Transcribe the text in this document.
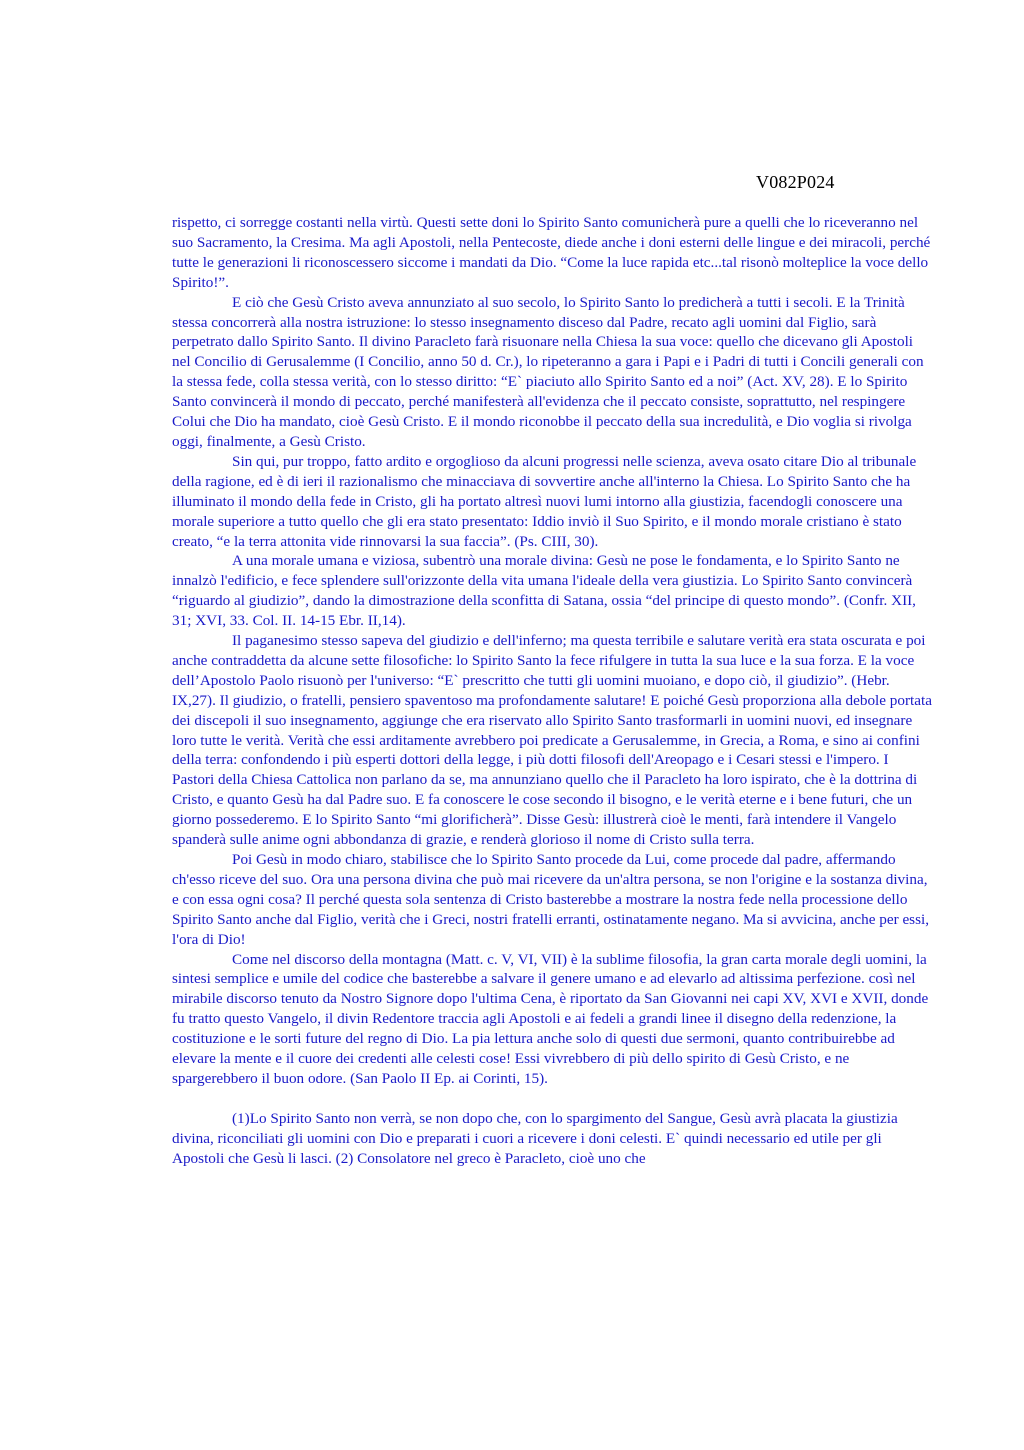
V082P024

rispetto, ci sorregge costanti nella virtù. Questi sette doni lo Spirito Santo comunicherà pure a quelli che lo riceveranno nel suo Sacramento, la Cresima. Ma agli Apostoli, nella Pentecoste, diede anche i doni esterni delle lingue e dei miracoli, perché tutte le generazioni li riconoscessero siccome i mandati da Dio. “Come la luce rapida etc...tal risonò molteplice la voce dello Spirito!”.

E ciò che Gesù Cristo aveva annunziato al suo secolo, lo Spirito Santo lo predicherà a tutti i secoli. E la Trinità stessa concorrerà alla nostra istruzione: lo stesso insegnamento disceso dal Padre, recato agli uomini dal Figlio, sarà perpetrato dallo Spirito Santo. Il divino Paracleto farà risuonare nella Chiesa la sua voce: quello che dicevano gli Apostoli nel Concilio di Gerusalemme (I Concilio, anno 50 d. Cr.), lo ripeteranno a gara i Papi e i Padri di tutti i Concili generali con la stessa fede, colla stessa verità, con lo stesso diritto: “E` piaciuto allo Spirito Santo ed a noi” (Act. XV, 28). E lo Spirito Santo convincerà il mondo di peccato, perché manifesterà all'evidenza che il peccato consiste, soprattutto, nel respingere Colui che Dio ha mandato, cioè Gesù Cristo. E il mondo riconobbe il peccato della sua incredulità, e Dio voglia si rivolga oggi, finalmente, a Gesù Cristo.

Sin qui, pur troppo, fatto ardito e orgoglioso da alcuni progressi nelle scienza, aveva osato citare Dio al tribunale della ragione, ed è di ieri il razionalismo che minacciava di sovvertire anche all'interno la Chiesa. Lo Spirito Santo che ha illuminato il mondo della fede in Cristo, gli ha portato altresì nuovi lumi intorno alla giustizia, facendogli conoscere una morale superiore a tutto quello che gli era stato presentato: Iddio inviò il Suo Spirito, e il mondo morale cristiano è stato creato, “e la terra attonita vide rinnovarsi la sua faccia”. (Ps. CIII, 30).

A una morale umana e viziosa, subentrò una morale divina: Gesù ne pose le fondamenta, e lo Spirito Santo ne innalzò l'edificio, e fece splendere sull'orizzonte della vita umana l'ideale della vera giustizia. Lo Spirito Santo convincerà “riguardo al giudizio”, dando la dimostrazione della sconfitta di Satana, ossia “del principe di questo mondo”. (Confr. XII, 31; XVI, 33. Col. II. 14-15 Ebr. II,14).

Il paganesimo stesso sapeva del giudizio e dell'inferno; ma questa terribile e salutare verità era stata oscurata e poi anche contraddetta da alcune sette filosofiche: lo Spirito Santo la fece rifulgere in tutta la sua luce e la sua forza. E la voce dell’Apostolo Paolo risuonò per l'universo: “E` prescritto che tutti gli uomini muoiano, e dopo ciò, il giudizio”. (Hebr. IX,27). Il giudizio, o fratelli, pensiero spaventoso ma profondamente salutare! E poiché Gesù proporziona alla debole portata dei discepoli il suo insegnamento, aggiunge che era riservato allo Spirito Santo trasformarli in uomini nuovi, ed insegnare loro tutte le verità. Verità che essi arditamente avrebbero poi predicate a Gerusalemme, in Grecia, a Roma, e sino ai confini della terra: confondendo i più esperti dottori della legge, i più dotti filosofi dell'Areopago e i Cesari stessi e l'impero. I Pastori della Chiesa Cattolica non parlano da se, ma annunziano quello che il Paracleto ha loro ispirato, che è la dottrina di Cristo, e quanto Gesù ha dal Padre suo. E fa conoscere le cose secondo il bisogno, e le verità eterne e i bene futuri, che un giorno possederemo. E lo Spirito Santo “mi glorificherà”. Disse Gesù: illustrerà cioè le menti, farà intendere il Vangelo spanderà sulle anime ogni abbondanza di grazie, e renderà glorioso il nome di Cristo sulla terra.

Poi Gesù in modo chiaro, stabilisce che lo Spirito Santo procede da Lui, come procede dal padre, affermando ch'esso riceve del suo. Ora una persona divina che può mai ricevere da un'altra persona, se non l'origine e la sostanza divina, e con essa ogni cosa? Il perché questa sola sentenza di Cristo basterebbe a mostrare la nostra fede nella processione dello Spirito Santo anche dal Figlio, verità che i Greci, nostri fratelli erranti, ostinatamente negano. Ma si avvicina, anche per essi, l'ora di Dio!

Come nel discorso della montagna (Matt. c. V, VI, VII) è la sublime filosofia, la gran carta morale degli uomini, la sintesi semplice e umile del codice che basterebbe a salvare il genere umano e ad elevarlo ad altissima perfezione. così nel mirabile discorso tenuto da Nostro Signore dopo l'ultima Cena, è riportato da San Giovanni nei capi XV, XVI e XVII, donde fu tratto questo Vangelo, il divin Redentore traccia agli Apostoli e ai fedeli a grandi linee il disegno della redenzione, la costituzione e le sorti future del regno di Dio. La pia lettura anche solo di questi due sermoni, quanto contribuirebbe ad elevare la mente e il cuore dei credenti alle celesti cose! Essi vivrebbero di più dello spirito di Gesù Cristo, e ne spargerebbero il buon odore. (San Paolo II Ep. ai Corinti, 15).

(1)Lo Spirito Santo non verrà, se non dopo che, con lo spargimento del Sangue, Gesù avrà placata la giustizia divina, riconciliati gli uomini con Dio e preparati i cuori a ricevere i doni celesti. E` quindi necessario ed utile per gli Apostoli che Gesù li lasci. (2) Consolatore nel greco è Paracleto, cioè uno che
